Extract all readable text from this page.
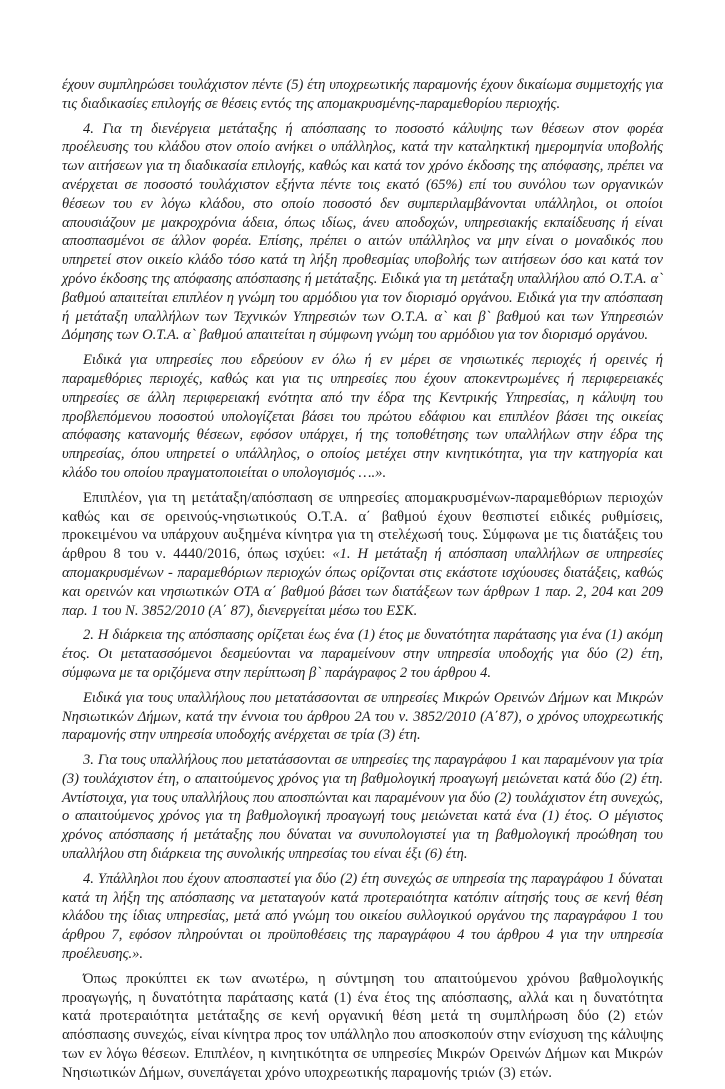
έχουν συμπληρώσει τουλάχιστον πέντε (5) έτη υποχρεωτικής παραμονής έχουν δικαίωμα συμμετοχής για τις διαδικασίες επιλογής σε θέσεις εντός της απομακρυσμένης-παραμεθορίου περιοχής.

4. Για τη διενέργεια μετάταξης ή απόσπασης το ποσοστό κάλυψης των θέσεων στον φορέα προέλευσης του κλάδου στον οποίο ανήκει ο υπάλληλος, κατά την καταληκτική ημερομηνία υποβολής των αιτήσεων για τη διαδικασία επιλογής, καθώς και κατά τον χρόνο έκδοσης της απόφασης, πρέπει να ανέρχεται σε ποσοστό τουλάχιστον εξήντα πέντε τοις εκατό (65%) επί του συνόλου των οργανικών θέσεων του εν λόγω κλάδου, στο οποίο ποσοστό δεν συμπεριλαμβάνονται υπάλληλοι, οι οποίοι απουσιάζουν με μακροχρόνια άδεια, όπως ιδίως, άνευ αποδοχών, υπηρεσιακής εκπαίδευσης ή είναι αποσπασμένοι σε άλλον φορέα. Επίσης, πρέπει ο αιτών υπάλληλος να μην είναι ο μοναδικός που υπηρετεί στον οικείο κλάδο τόσο κατά τη λήξη προθεσμίας υποβολής των αιτήσεων όσο και κατά τον χρόνο έκδοσης της απόφασης απόσπασης ή μετάταξης. Ειδικά για τη μετάταξη υπαλλήλου από Ο.Τ.Α. α` βαθμού απαιτείται επιπλέον η γνώμη του αρμόδιου για τον διορισμό οργάνου. Ειδικά για την απόσπαση ή μετάταξη υπαλλήλων των Τεχνικών Υπηρεσιών των Ο.Τ.Α. α` και β` βαθμού και των Υπηρεσιών Δόμησης των Ο.Τ.Α. α` βαθμού απαιτείται η σύμφωνη γνώμη του αρμόδιου για τον διορισμό οργάνου.

Ειδικά για υπηρεσίες που εδρεύουν εν όλω ή εν μέρει σε νησιωτικές περιοχές ή ορεινές ή παραμεθόριες περιοχές, καθώς και για τις υπηρεσίες που έχουν αποκεντρωμένες ή περιφερειακές υπηρεσίες σε άλλη περιφερειακή ενότητα από την έδρα της Κεντρικής Υπηρεσίας, η κάλυψη του προβλεπόμενου ποσοστού υπολογίζεται βάσει του πρώτου εδάφιου και επιπλέον βάσει της οικείας απόφασης κατανομής θέσεων, εφόσον υπάρχει, ή της τοποθέτησης των υπαλλήλων στην έδρα της υπηρεσίας, όπου υπηρετεί ο υπάλληλος, ο οποίος μετέχει στην κινητικότητα, για την κατηγορία και κλάδο του οποίου πραγματοποιείται ο υπολογισμός ….».

Επιπλέον, για τη μετάταξη/απόσπαση σε υπηρεσίες απομακρυσμένων-παραμεθόριων περιοχών καθώς και σε ορεινούς-νησιωτικούς Ο.Τ.Α. α΄ βαθμού έχουν θεσπιστεί ειδικές ρυθμίσεις, προκειμένου να υπάρχουν αυξημένα κίνητρα για τη στελέχωσή τους. Σύμφωνα με τις διατάξεις του άρθρου 8 του ν. 4440/2016, όπως ισχύει: «1. Η μετάταξη ή απόσπαση υπαλλήλων σε υπηρεσίες απομακρυσμένων - παραμεθόριων περιοχών όπως ορίζονται στις εκάστοτε ισχύουσες διατάξεις, καθώς και ορεινών και νησιωτικών ΟΤΑ α΄ βαθμού βάσει των διατάξεων των άρθρων 1 παρ. 2, 204 και 209 παρ. 1 του Ν. 3852/2010 (Α΄ 87), διενεργείται μέσω του ΕΣΚ.

2. Η διάρκεια της απόσπασης ορίζεται έως ένα (1) έτος με δυνατότητα παράτασης για ένα (1) ακόμη έτος. Οι μετατασσόμενοι δεσμεύονται να παραμείνουν στην υπηρεσία υποδοχής για δύο (2) έτη, σύμφωνα με τα οριζόμενα στην περίπτωση β` παράγραφος 2 του άρθρου 4.

Ειδικά για τους υπαλλήλους που μετατάσσονται σε υπηρεσίες Μικρών Ορεινών Δήμων και Μικρών Νησιωτικών Δήμων, κατά την έννοια του άρθρου 2Α του ν. 3852/2010 (Α΄87), ο χρόνος υποχρεωτικής παραμονής στην υπηρεσία υποδοχής ανέρχεται σε τρία (3) έτη.

3. Για τους υπαλλήλους που μετατάσσονται σε υπηρεσίες της παραγράφου 1 και παραμένουν για τρία (3) τουλάχιστον έτη, ο απαιτούμενος χρόνος για τη βαθμολογική προαγωγή μειώνεται κατά δύο (2) έτη. Αντίστοιχα, για τους υπαλλήλους που αποσπώνται και παραμένουν για δύο (2) τουλάχιστον έτη συνεχώς, ο απαιτούμενος χρόνος για τη βαθμολογική προαγωγή τους μειώνεται κατά ένα (1) έτος. Ο μέγιστος χρόνος απόσπασης ή μετάταξης που δύναται να συνυπολογιστεί για τη βαθμολογική προώθηση του υπαλλήλου στη διάρκεια της συνολικής υπηρεσίας του είναι έξι (6) έτη.

4. Υπάλληλοι που έχουν αποσπαστεί για δύο (2) έτη συνεχώς σε υπηρεσία της παραγράφου 1 δύναται κατά τη λήξη της απόσπασης να μεταταγούν κατά προτεραιότητα κατόπιν αίτησής τους σε κενή θέση κλάδου της ίδιας υπηρεσίας, μετά από γνώμη του οικείου συλλογικού οργάνου της παραγράφου 1 του άρθρου 7, εφόσον πληρούνται οι προϋποθέσεις της παραγράφου 4 του άρθρου 4 για την υπηρεσία προέλευσης.».

Όπως προκύπτει εκ των ανωτέρω, η σύντμηση του απαιτούμενου χρόνου βαθμολογικής προαγωγής, η δυνατότητα παράτασης κατά (1) ένα έτος της απόσπασης, αλλά και η δυνατότητα κατά προτεραιότητα μετάταξης σε κενή οργανική θέση μετά τη συμπλήρωση δύο (2) ετών απόσπασης συνεχώς, είναι κίνητρα προς τον υπάλληλο που αποσκοπούν στην ενίσχυση της κάλυψης των εν λόγω θέσεων. Επιπλέον, η κινητικότητα σε υπηρεσίες Μικρών Ορεινών Δήμων και Μικρών Νησιωτικών Δήμων, συνεπάγεται χρόνο υποχρεωτικής παραμονής τριών (3) ετών.
